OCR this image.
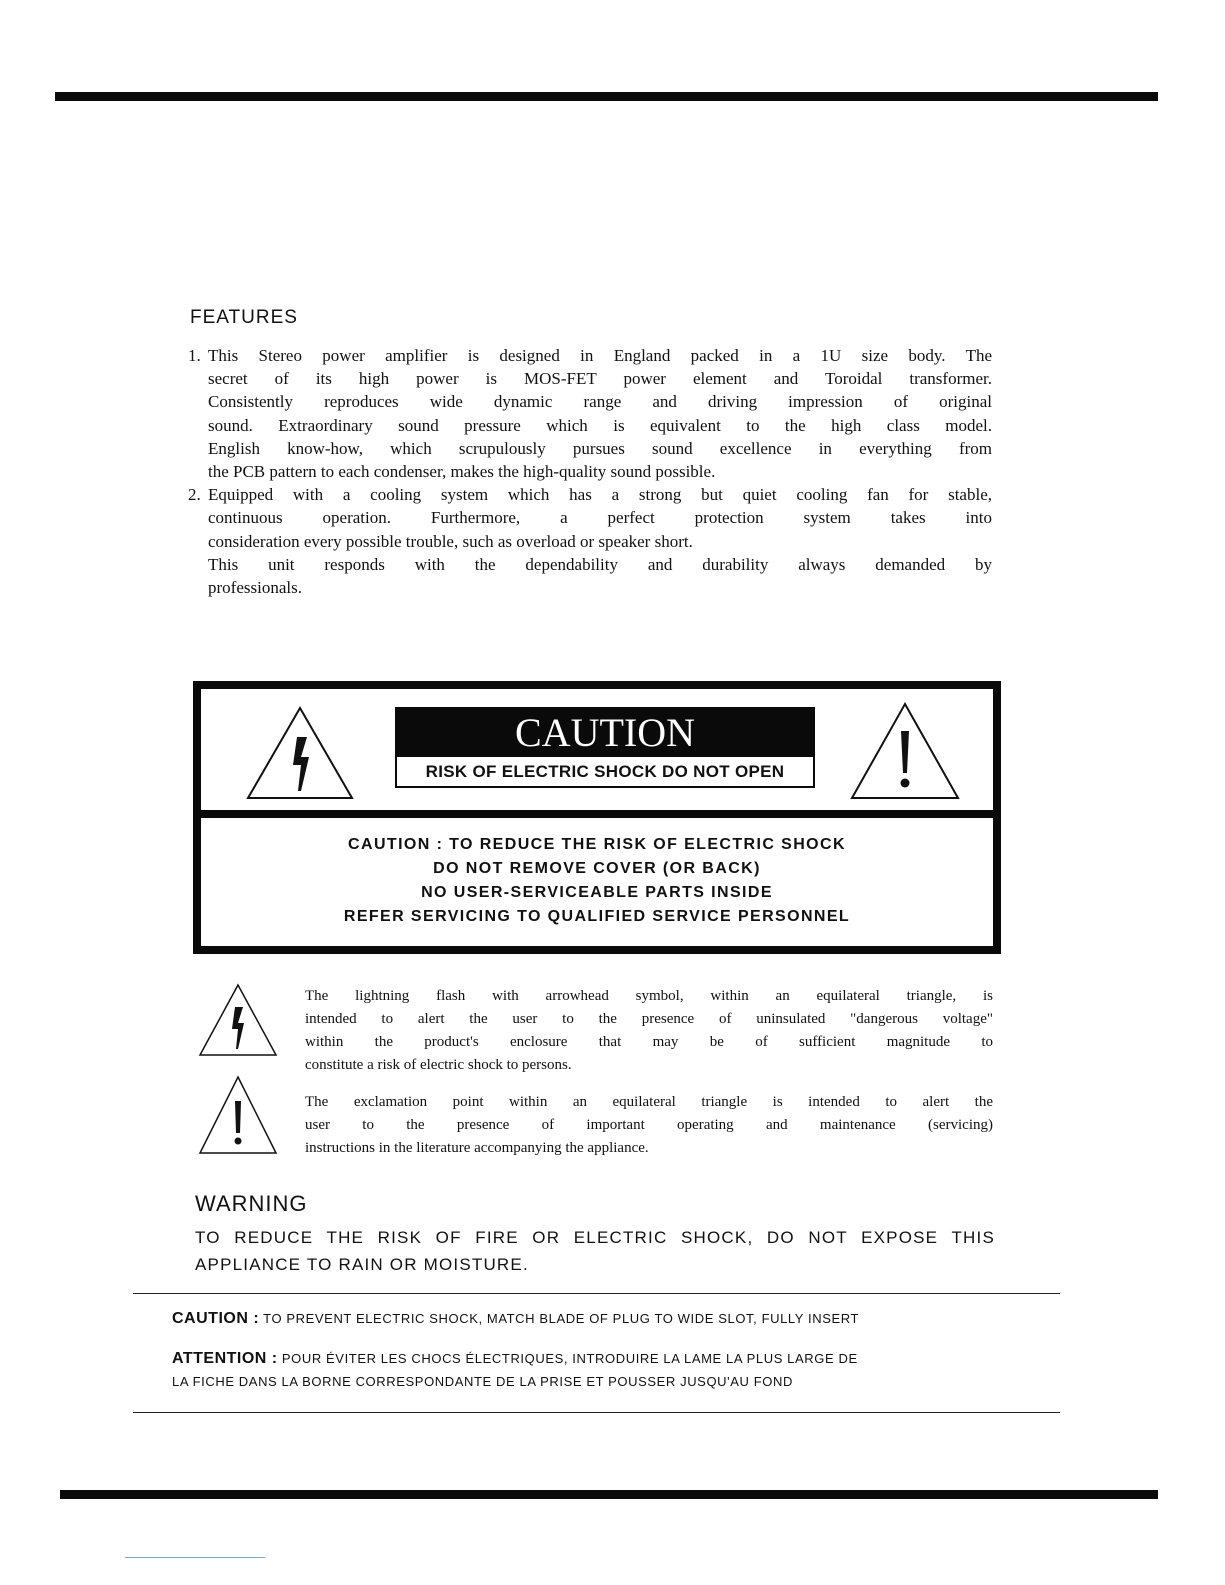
FEATURES
1. This Stereo power amplifier is designed in England packed in a 1U size body. The
secret of its high power is MOS-FET power element and Toroidal transformer.
Consistently reproduces wide dynamic range and driving impression of original
sound. Extraordinary sound pressure which is equivalent to the high class model.
English know-how, which scrupulously pursues sound excellence in everything from
the PCB pattern to each condenser, makes the high-quality sound possible.
2. Equipped with a cooling system which has a strong but quiet cooling fan for stable,
continuous operation. Furthermore, a perfect protection system takes into
consideration every possible trouble, such as overload or speaker short.
This unit responds with the dependability and durability always demanded by
professionals.
CAUTION
RISK OF ELECTRIC SHOCK DO NOT OPEN
CAUTION : TO REDUCE THE RISK OF ELECTRIC SHOCK
DO NOT REMOVE COVER (OR BACK)
NO USER-SERVICEABLE PARTS INSIDE
REFER SERVICING TO QUALIFIED SERVICE PERSONNEL
The lightning flash with arrowhead symbol, within an equilateral triangle, is
intended to alert the user to the presence of uninsulated "dangerous voltage"
within the product's enclosure that may be of sufficient magnitude to
constitute a risk of electric shock to persons.
The exclamation point within an equilateral triangle is intended to alert the
user to the presence of important operating and maintenance (servicing)
instructions in the literature accompanying the appliance.
WARNING
TO REDUCE THE RISK OF FIRE OR ELECTRIC SHOCK, DO NOT EXPOSE THIS
APPLIANCE TO RAIN OR MOISTURE.
CAUTION : TO PREVENT ELECTRIC SHOCK, MATCH BLADE OF PLUG TO WIDE SLOT, FULLY INSERT
ATTENTION : POUR ÉVITER LES CHOCS ÉLECTRIQUES, INTRODUIRE LA LAME LA PLUS LARGE DE
LA FICHE DANS LA BORNE CORRESPONDANTE DE LA PRISE ET POUSSER JUSQU'AU FOND
